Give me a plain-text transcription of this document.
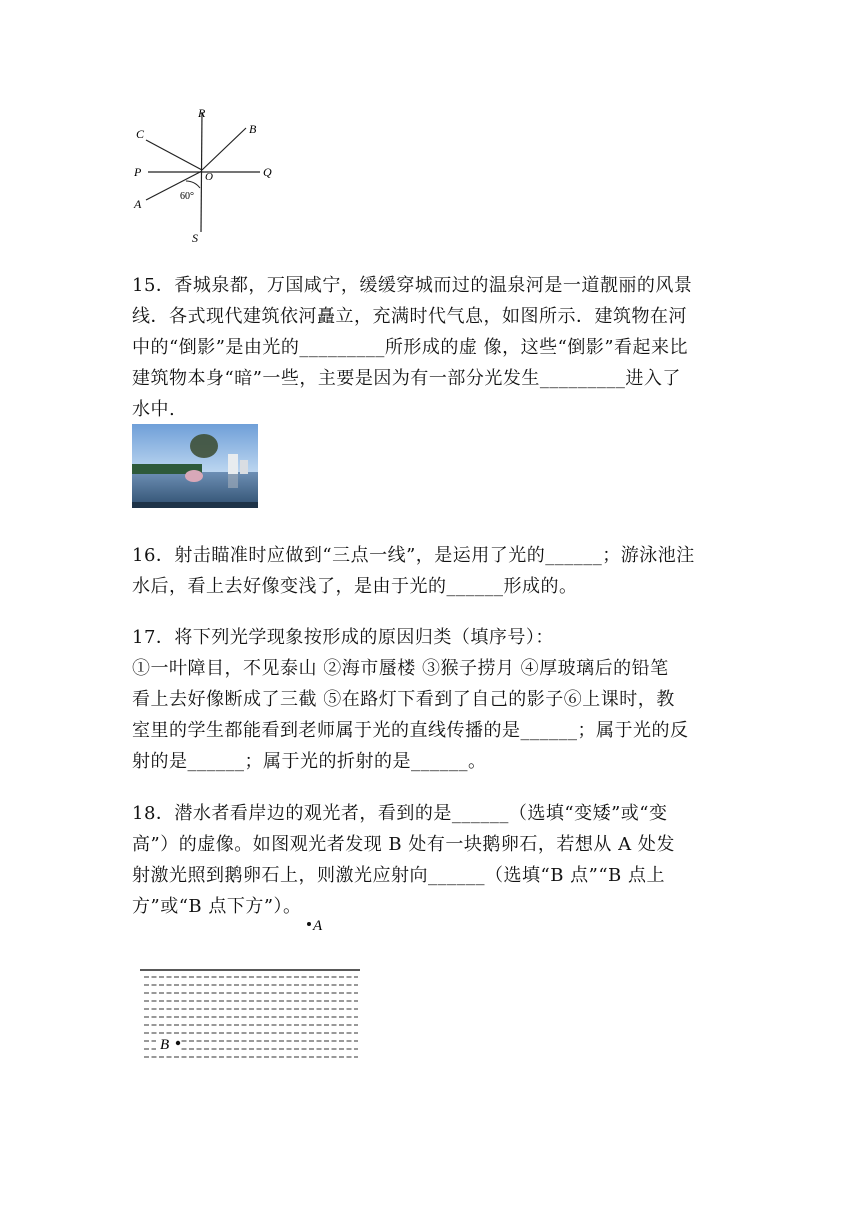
R
B
C
P	O	Q
A
S
60°

15．香城泉都，万国咸宁，缓缓穿城而过的温泉河是一道靓丽的风景

线．各式现代建筑依河矗立，充满时代气息，如图所示．建筑物在河

中的“倒影”是由光的_________所形成的虚 像，这些“倒影”看起来比

建筑物本身“暗”一些，主要是因为有一部分光发生_________进入了

水中.

16．射击瞄准时应做到“三点一线”，是运用了光的______；游泳池注

水后，看上去好像变浅了，是由于光的______形成的。

17．将下列光学现象按形成的原因归类（填序号）：

①一叶障目，不见泰山 ②海市蜃楼 ③猴子捞月 ④厚玻璃后的铅笔

看上去好像断成了三截 ⑤在路灯下看到了自己的影子⑥上课时，教

室里的学生都能看到老师属于光的直线传播的是______；属于光的反

射的是______；属于光的折射的是______。

18．潜水者看岸边的观光者，看到的是______（选填“变矮”或“变

高”）的虚像。如图观光者发现 B 处有一块鹅卵石，若想从 A 处发

射激光照到鹅卵石上，则激光应射向______（选填“B 点”“B 点上

方”或“B 点下方”）。

A
B
